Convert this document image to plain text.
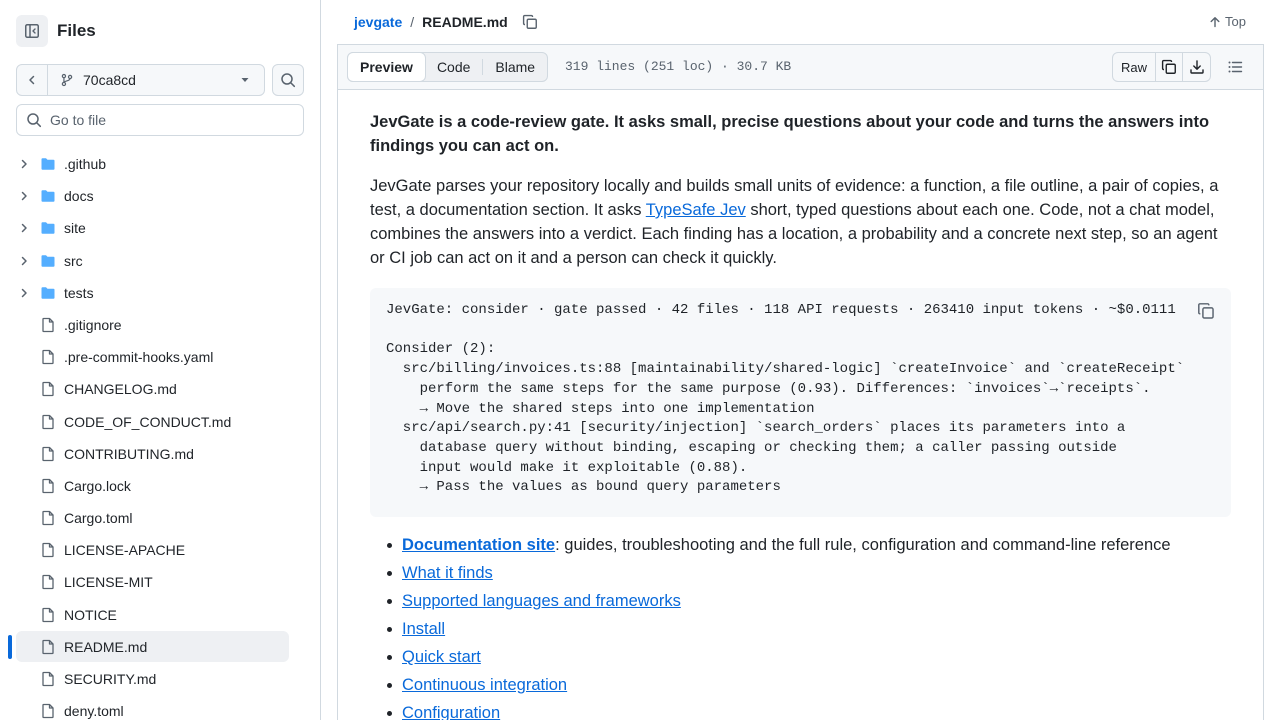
Files
70ca8cd
Go to file
.github
docs
site
src
tests
.gitignore
.pre-commit-hooks.yaml
CHANGELOG.md
CODE_OF_CONDUCT.md
CONTRIBUTING.md
Cargo.lock
Cargo.toml
LICENSE-APACHE
LICENSE-MIT
NOTICE
README.md
SECURITY.md
deny.toml
jevgate / README.md	Top
Preview	Code	Blame	319 lines (251 loc) · 30.7 KB	Raw

JevGate is a code-review gate. It asks small, precise questions about your code and turns the answers into findings you can act on.

JevGate parses your repository locally and builds small units of evidence: a function, a file outline, a pair of copies, a test, a documentation section. It asks TypeSafe Jev short, typed questions about each one. Code, not a chat model, combines the answers into a verdict. Each finding has a location, a probability and a concrete next step, so an agent or CI job can act on it and a person can check it quickly.

JevGate: consider · gate passed · 42 files · 118 API requests · 263410 input tokens · ~$0.0111

Consider (2):
src/billing/invoices.ts:88 [maintainability/shared-logic] `createInvoice` and `createReceipt`
perform the same steps for the same purpose (0.93). Differences: `invoices`→`receipts`.
→ Move the shared steps into one implementation
src/api/search.py:41 [security/injection] `search_orders` places its parameters into a
database query without binding, escaping or checking them; a caller passing outside
input would make it exploitable (0.88).
→ Pass the values as bound query parameters
Documentation site: guides, troubleshooting and the full rule, configuration and command-line reference
What it finds
Supported languages and frameworks
Install
Quick start
Continuous integration
Configuration
